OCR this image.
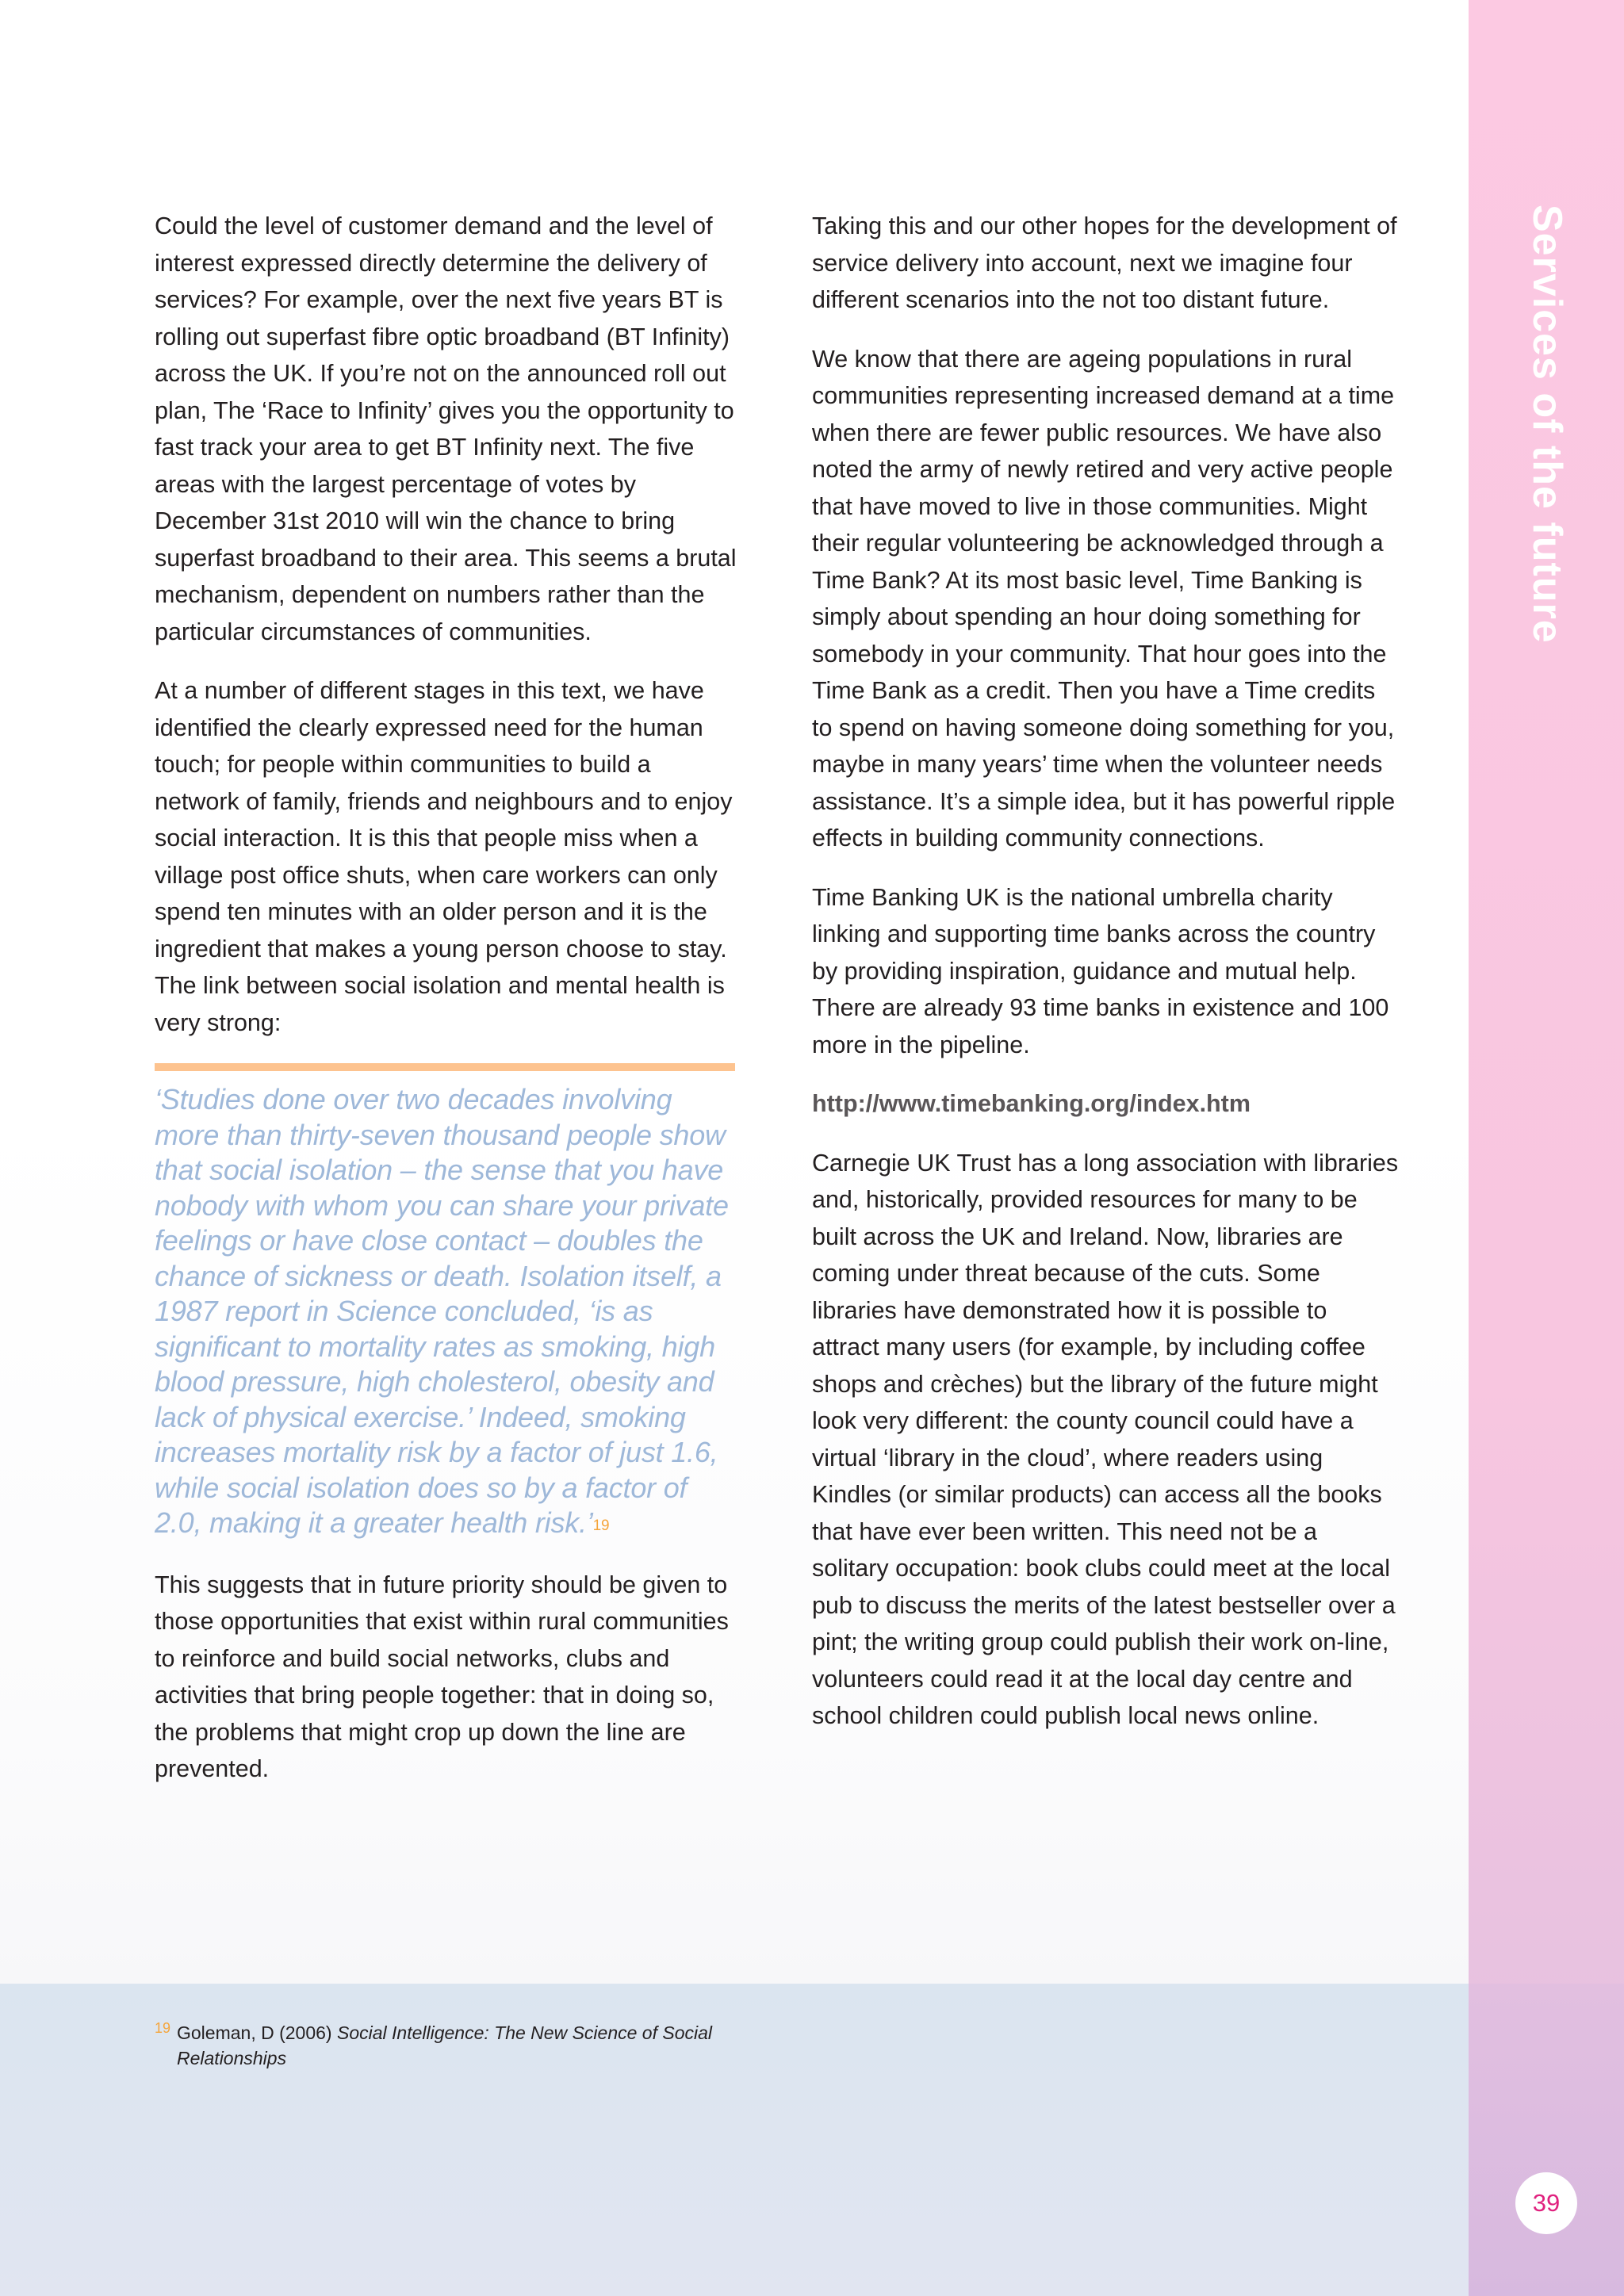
Services of the future
39

Could the level of customer demand and the level of interest expressed directly determine the delivery of services? For example, over the next five years BT is rolling out superfast fibre optic broadband (BT Infinity) across the UK. If you’re not on the announced roll out plan, The ‘Race to Infinity’ gives you the opportunity to fast track your area to get BT Infinity next. The five areas with the largest percentage of votes by December 31st 2010 will win the chance to bring superfast broadband to their area. This seems a brutal mechanism, dependent on numbers rather than the particular circumstances of communities.

At a number of different stages in this text, we have identified the clearly expressed need for the human touch; for people within communities to build a network of family, friends and neighbours and to enjoy social interaction. It is this that people miss when a village post office shuts, when care workers can only spend ten minutes with an older person and it is the ingredient that makes a young person choose to stay. The link between social isolation and mental health is very strong:

‘Studies done over two decades involving more than thirty-seven thousand people show that social isolation – the sense that you have nobody with whom you can share your private feelings or have close contact – doubles the chance of sickness or death. Isolation itself, a 1987 report in Science concluded, ‘is as significant to mortality rates as smoking, high blood pressure, high cholesterol, obesity and lack of physical exercise.’ Indeed, smoking increases mortality risk by a factor of just 1.6, while social isolation does so by a factor of 2.0, making it a greater health risk.’$^{19}$

This suggests that in future priority should be given to those opportunities that exist within rural communities to reinforce and build social networks, clubs and activities that bring people together: that in doing so, the problems that might crop up down the line are prevented.

Taking this and our other hopes for the development of service delivery into account, next we imagine four different scenarios into the not too distant future.

We know that there are ageing populations in rural communities representing increased demand at a time when there are fewer public resources. We have also noted the army of newly retired and very active people that have moved to live in those communities. Might their regular volunteering be acknowledged through a Time Bank? At its most basic level, Time Banking is simply about spending an hour doing something for somebody in your community. That hour goes into the Time Bank as a credit. Then you have a Time credits to spend on having someone doing something for you, maybe in many years’ time when the volunteer needs assistance. It’s a simple idea, but it has powerful ripple effects in building community connections.

Time Banking UK is the national umbrella charity linking and supporting time banks across the country by providing inspiration, guidance and mutual help. There are already 93 time banks in existence and 100 more in the pipeline.

http://www.timebanking.org/index.htm

Carnegie UK Trust has a long association with libraries and, historically, provided resources for many to be built across the UK and Ireland. Now, libraries are coming under threat because of the cuts. Some libraries have demonstrated how it is possible to attract many users (for example, by including coffee shops and crèches) but the library of the future might look very different: the county council could have a virtual ‘library in the cloud’, where readers using Kindles (or similar products) can access all the books that have ever been written. This need not be a solitary occupation: book clubs could meet at the local pub to discuss the merits of the latest bestseller over a pint; the writing group could publish their work on-line, volunteers could read it at the local day centre and school children could publish local news online.

19 Goleman, D (2006) Social Intelligence: The New Science of Social Relationships
